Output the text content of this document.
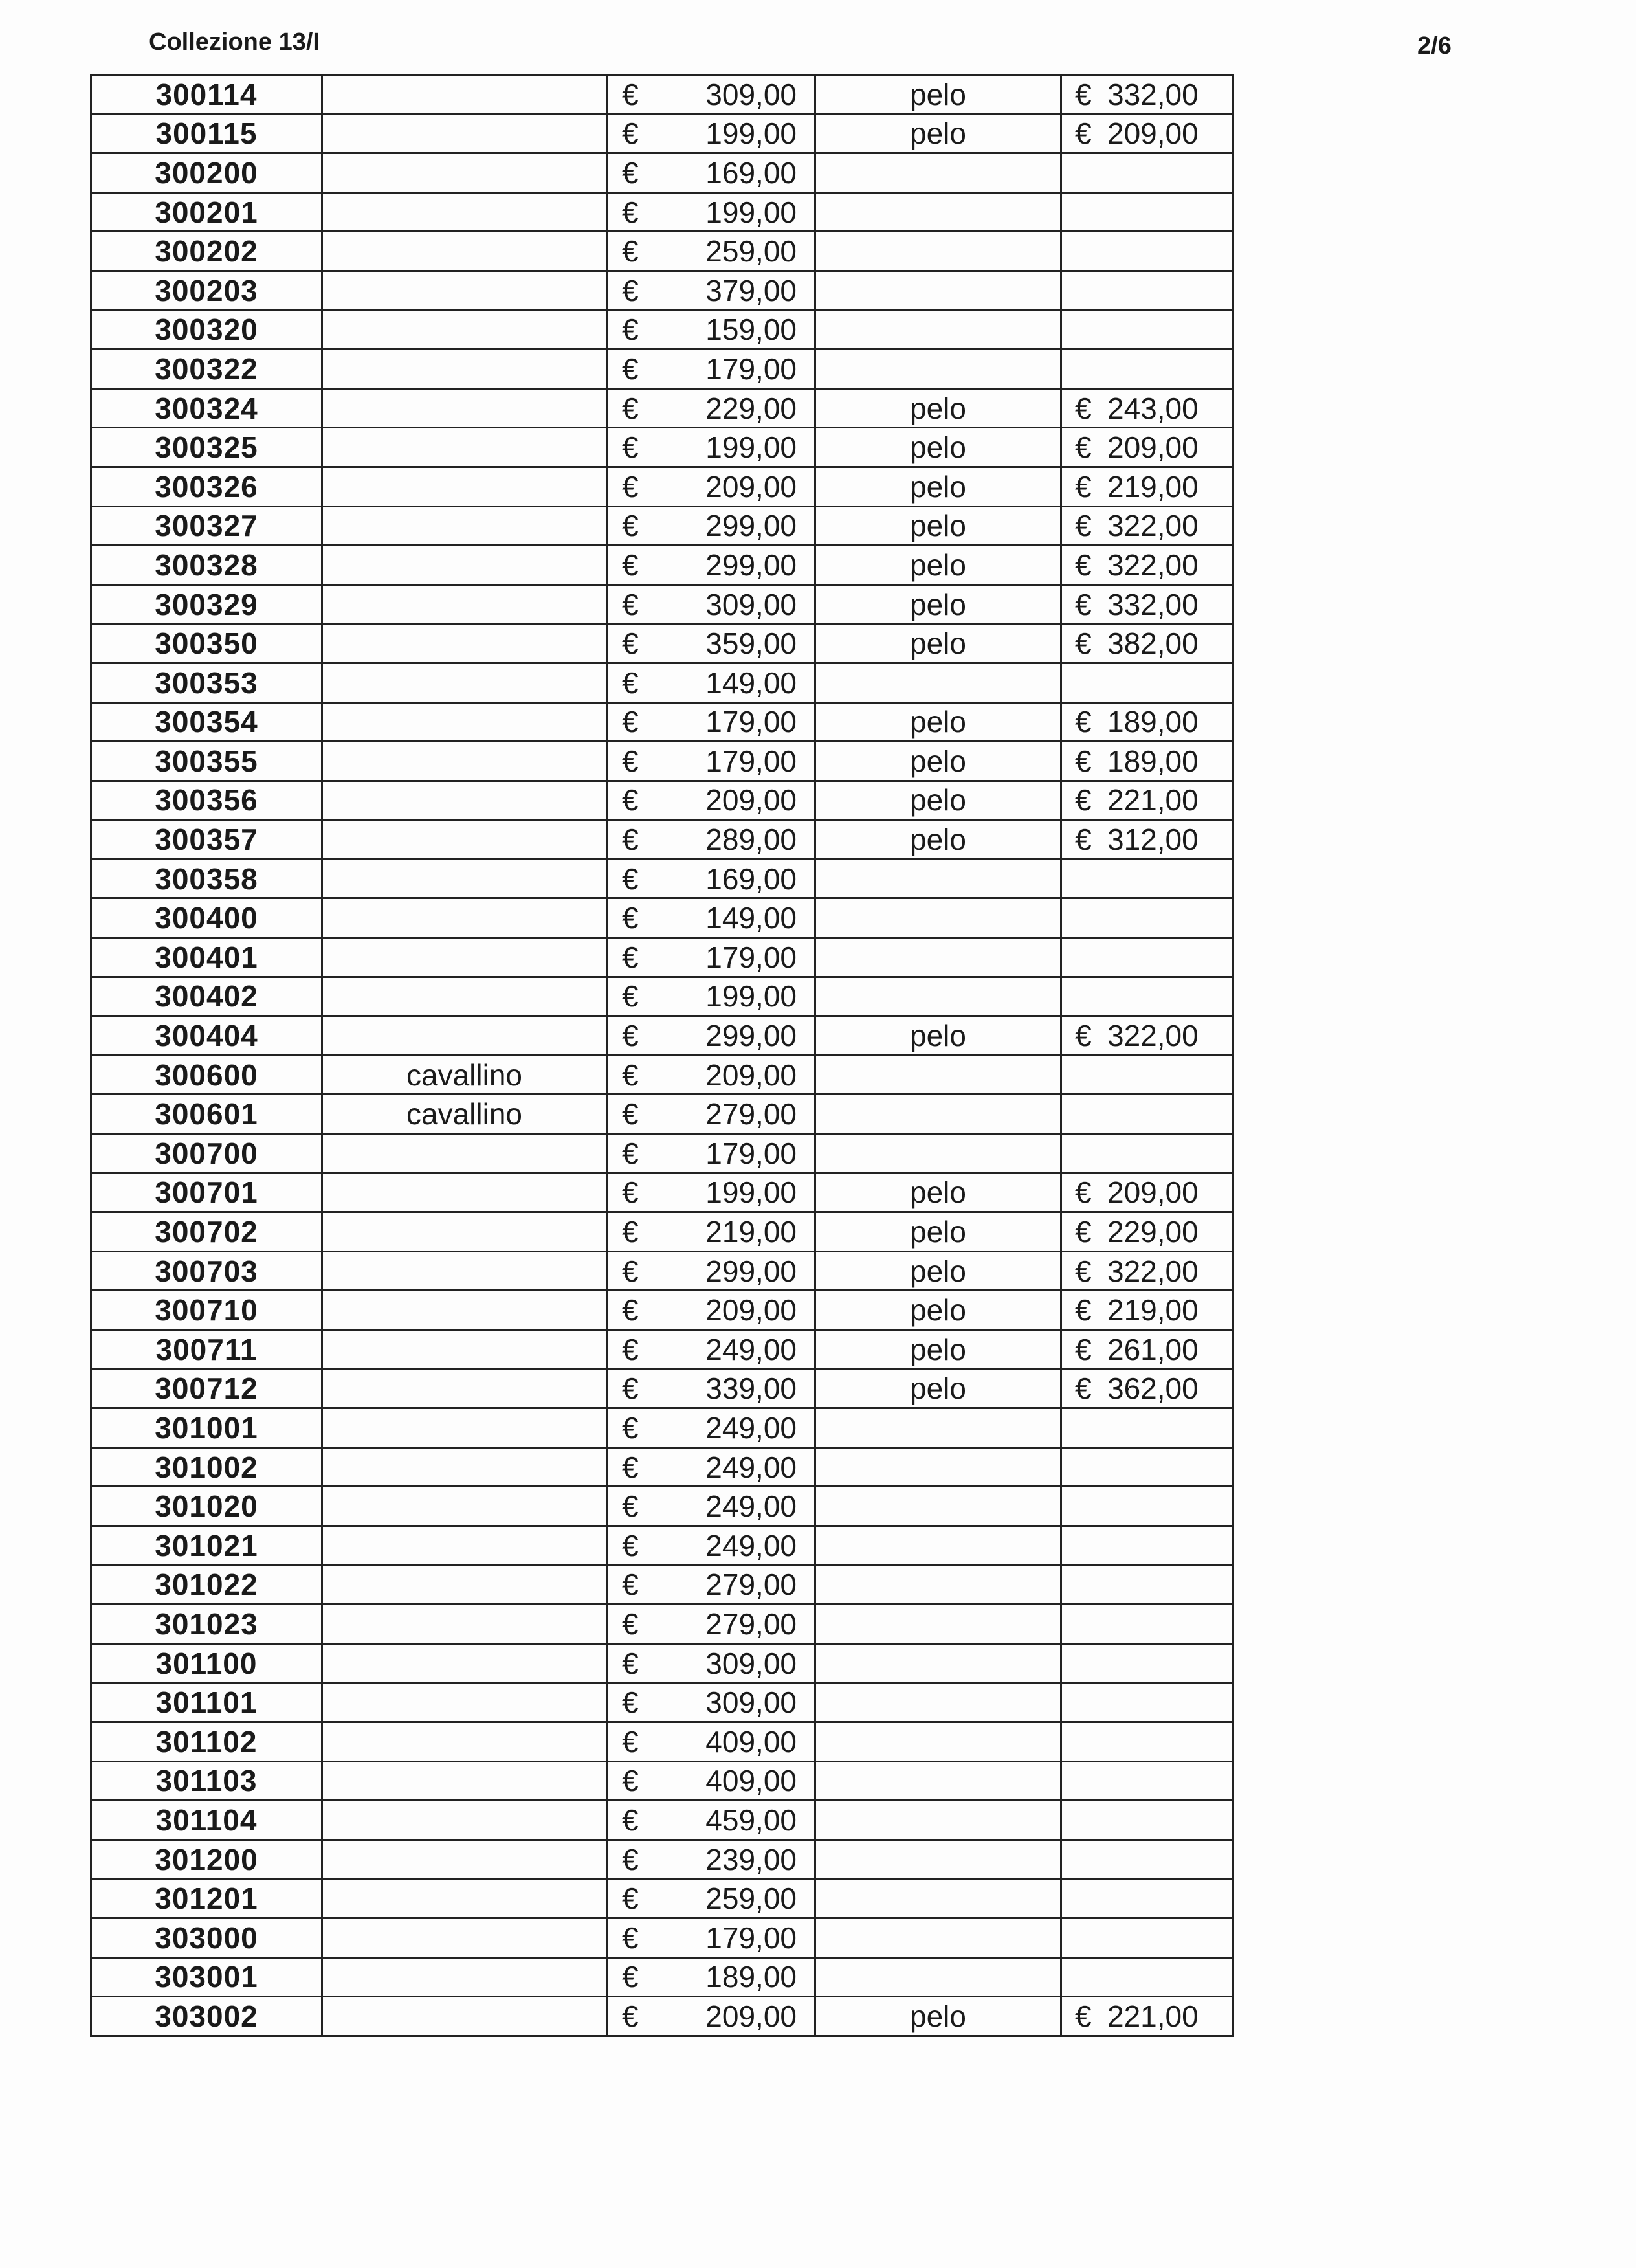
Collezione 13/I	2/6
300114		€ 309,00	pelo	€ 332,00
300115		€ 199,00	pelo	€ 209,00
300200		€ 169,00		
300201		€ 199,00		
300202		€ 259,00		
300203		€ 379,00		
300320		€ 159,00		
300322		€ 179,00		
300324		€ 229,00	pelo	€ 243,00
300325		€ 199,00	pelo	€ 209,00
300326		€ 209,00	pelo	€ 219,00
300327		€ 299,00	pelo	€ 322,00
300328		€ 299,00	pelo	€ 322,00
300329		€ 309,00	pelo	€ 332,00
300350		€ 359,00	pelo	€ 382,00
300353		€ 149,00		
300354		€ 179,00	pelo	€ 189,00
300355		€ 179,00	pelo	€ 189,00
300356		€ 209,00	pelo	€ 221,00
300357		€ 289,00	pelo	€ 312,00
300358		€ 169,00		
300400		€ 149,00		
300401		€ 179,00		
300402		€ 199,00		
300404		€ 299,00	pelo	€ 322,00
300600	cavallino	€ 209,00		
300601	cavallino	€ 279,00		
300700		€ 179,00		
300701		€ 199,00	pelo	€ 209,00
300702		€ 219,00	pelo	€ 229,00
300703		€ 299,00	pelo	€ 322,00
300710		€ 209,00	pelo	€ 219,00
300711		€ 249,00	pelo	€ 261,00
300712		€ 339,00	pelo	€ 362,00
301001		€ 249,00		
301002		€ 249,00		
301020		€ 249,00		
301021		€ 249,00		
301022		€ 279,00		
301023		€ 279,00		
301100		€ 309,00		
301101		€ 309,00		
301102		€ 409,00		
301103		€ 409,00		
301104		€ 459,00		
301200		€ 239,00		
301201		€ 259,00		
303000		€ 179,00		
303001		€ 189,00		
303002		€ 209,00	pelo	€ 221,00
